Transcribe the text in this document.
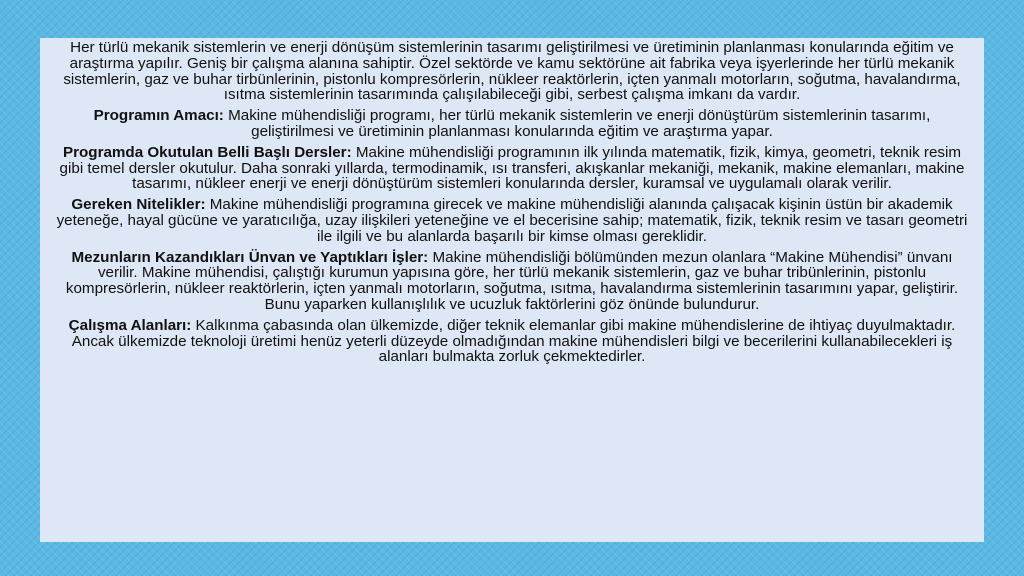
Her türlü mekanik sistemlerin ve enerji dönüşüm sistemlerinin tasarımı geliştirilmesi ve üretiminin planlanması konularında eğitim ve araştırma yapılır. Geniş bir çalışma alanına sahiptir. Özel sektörde ve kamu sektörüne ait fabrika veya işyerlerinde her türlü mekanik sistemlerin, gaz ve buhar tirbünlerinin, pistonlu kompresörlerin, nükleer reaktörlerin, içten yanmalı motorların, soğutma, havalandırma, ısıtma sistemlerinin tasarımında çalışılabileceği gibi, serbest çalışma imkanı da vardır.

Programın Amacı: Makine mühendisliği programı, her türlü mekanik sistemlerin ve enerji dönüştürüm sistemlerinin tasarımı, geliştirilmesi ve üretiminin planlanması konularında eğitim ve araştırma yapar.

Programda Okutulan Belli Başlı Dersler: Makine mühendisliği programının ilk yılında matematik, fizik, kimya, geometri, teknik resim gibi temel dersler okutulur. Daha sonraki yıllarda, termodinamik, ısı transferi, akışkanlar mekaniği, mekanik, makine elemanları, makine tasarımı, nükleer enerji ve enerji dönüştürüm sistemleri konularında dersler, kuramsal ve uygulamalı olarak verilir.

Gereken Nitelikler: Makine mühendisliği programına girecek ve makine mühendisliği alanında çalışacak kişinin üstün bir akademik yeteneğe, hayal gücüne ve yaratıcılığa, uzay ilişkileri yeteneğine ve el becerisine sahip; matematik, fizik, teknik resim ve tasarı geometri ile ilgili ve bu alanlarda başarılı bir kimse olması gereklidir.

Mezunların Kazandıkları Ünvan ve Yaptıkları İşler: Makine mühendisliği bölümünden mezun olanlara “Makine Mühendisi” ünvanı verilir. Makine mühendisi, çalıştığı kurumun yapısına göre, her türlü mekanik sistemlerin, gaz ve buhar tribünlerinin, pistonlu kompresörlerin, nükleer reaktörlerin, içten yanmalı motorların, soğutma, ısıtma, havalandırma sistemlerinin tasarımını yapar, geliştirir. Bunu yaparken kullanışlılık ve ucuzluk faktörlerini göz önünde bulundurur.

Çalışma Alanları: Kalkınma çabasında olan ülkemizde, diğer teknik elemanlar gibi makine mühendislerine de ihtiyaç duyulmaktadır. Ancak ülkemizde teknoloji üretimi henüz yeterli düzeyde olmadığından makine mühendisleri bilgi ve becerilerini kullanabilecekleri iş alanları bulmakta zorluk çekmektedirler.
